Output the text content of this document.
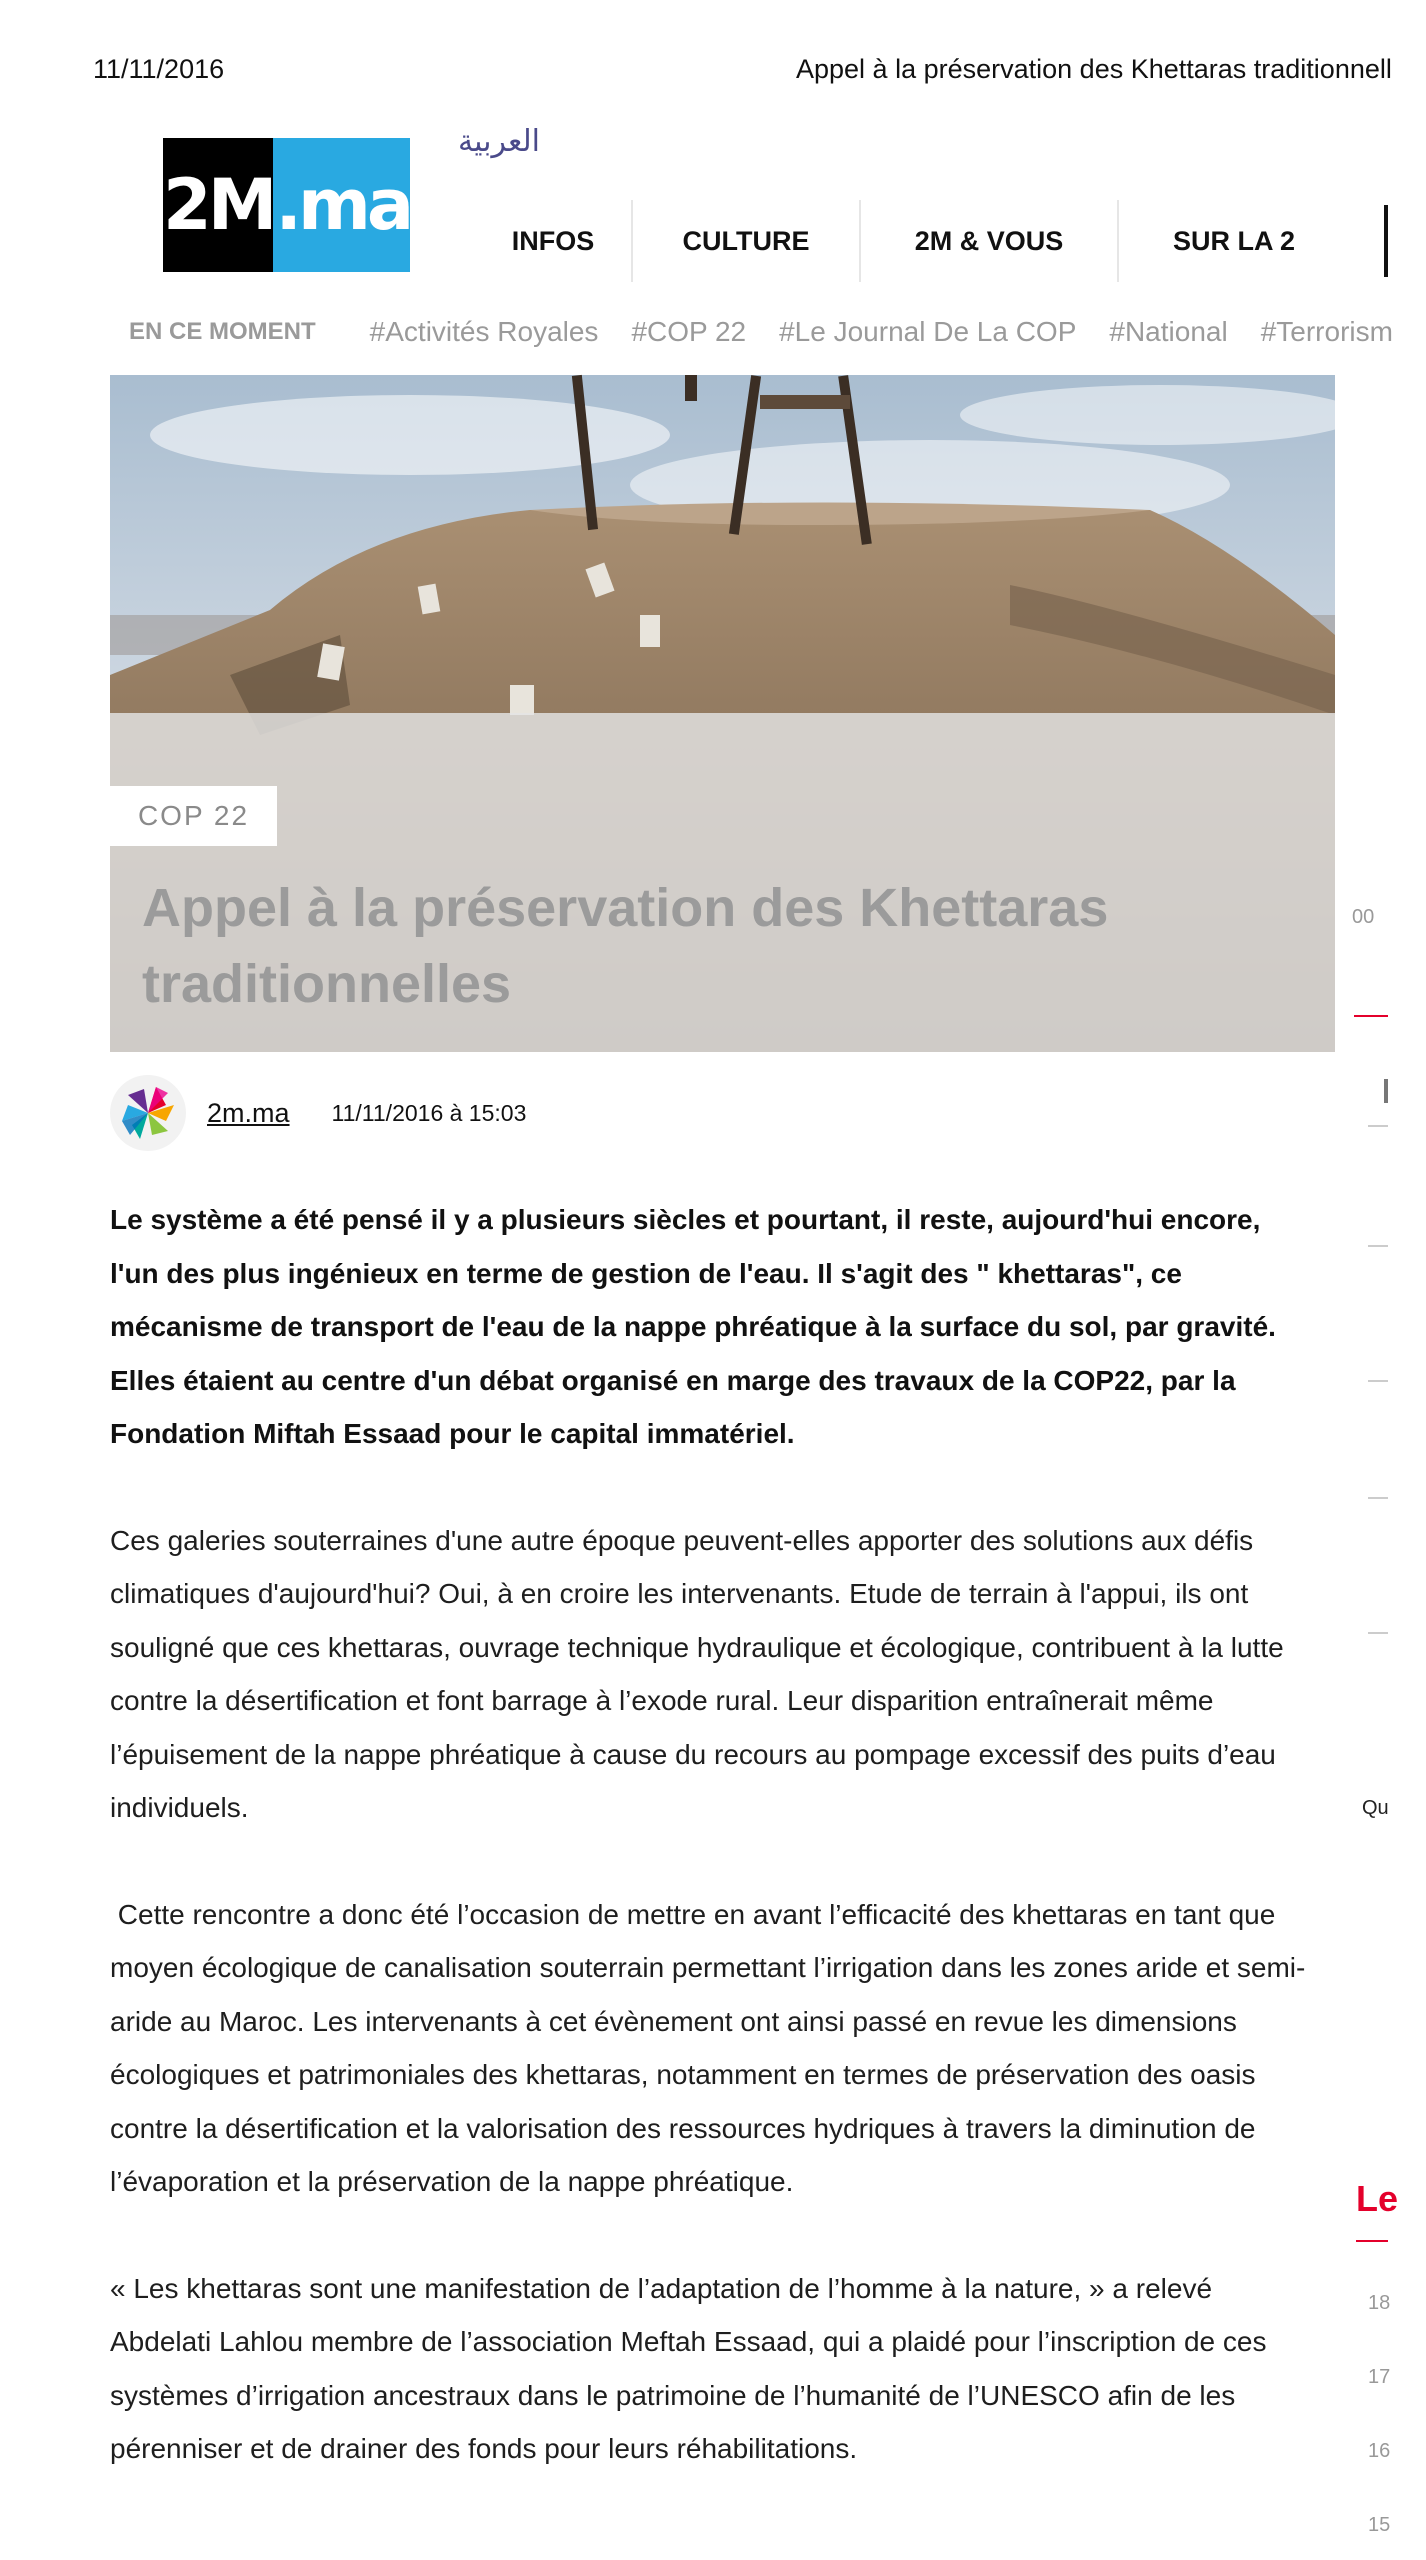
11/11/2016	Appel à la préservation des Khettaras traditionnell
2M .ma
العربية
INFOS	CULTURE	2M & VOUS	SUR LA 2
EN CE MOMENT #Activités Royales #COP 22 #Le Journal De La COP #National #Terrorism
COP 22
Appel à la préservation des Khettaras traditionnelles
2m.ma 11/11/2016 à 15:03

Le système a été pensé il y a plusieurs siècles et pourtant, il reste, aujourd'hui encore, l'un des plus ingénieux en terme de gestion de l'eau. Il s'agit des " khettaras", ce mécanisme de transport de l'eau de la nappe phréatique à la surface du sol, par gravité. Elles étaient au centre d'un débat organisé en marge des travaux de la COP22, par la Fondation Miftah Essaad pour le capital immatériel.

Ces galeries souterraines d'une autre époque peuvent-elles apporter des solutions aux défis climatiques d'aujourd'hui? Oui, à en croire les intervenants. Etude de terrain à l'appui, ils ont souligné que ces khettaras, ouvrage technique hydraulique et écologique, contribuent à la lutte contre la désertification et font barrage à l’exode rural. Leur disparition entraînerait même  l’épuisement de la nappe phréatique à cause du recours au pompage excessif des puits d’eau individuels.

Cette rencontre a donc été l’occasion de mettre en avant l’efficacité des khettaras en tant que moyen écologique de canalisation souterrain permettant l’irrigation dans les zones aride et semi-aride au Maroc. Les intervenants à cet évènement ont ainsi passé en revue les dimensions écologiques et patrimoniales des khettaras, notamment en termes de préservation des oasis contre la désertification et la valorisation des ressources hydriques à travers la diminution de l’évaporation et la préservation de la nappe phréatique.

« Les khettaras sont une manifestation de l’adaptation de l’homme à la nature, » a relevé Abdelati Lahlou membre de l’association Meftah Essaad, qui a plaidé pour l’inscription de ces systèmes d’irrigation ancestraux dans le patrimoine de l’humanité de l’UNESCO afin de les pérenniser et de drainer des fonds pour leurs réhabilitations.

00
Qu
Le
18
17
16
15
